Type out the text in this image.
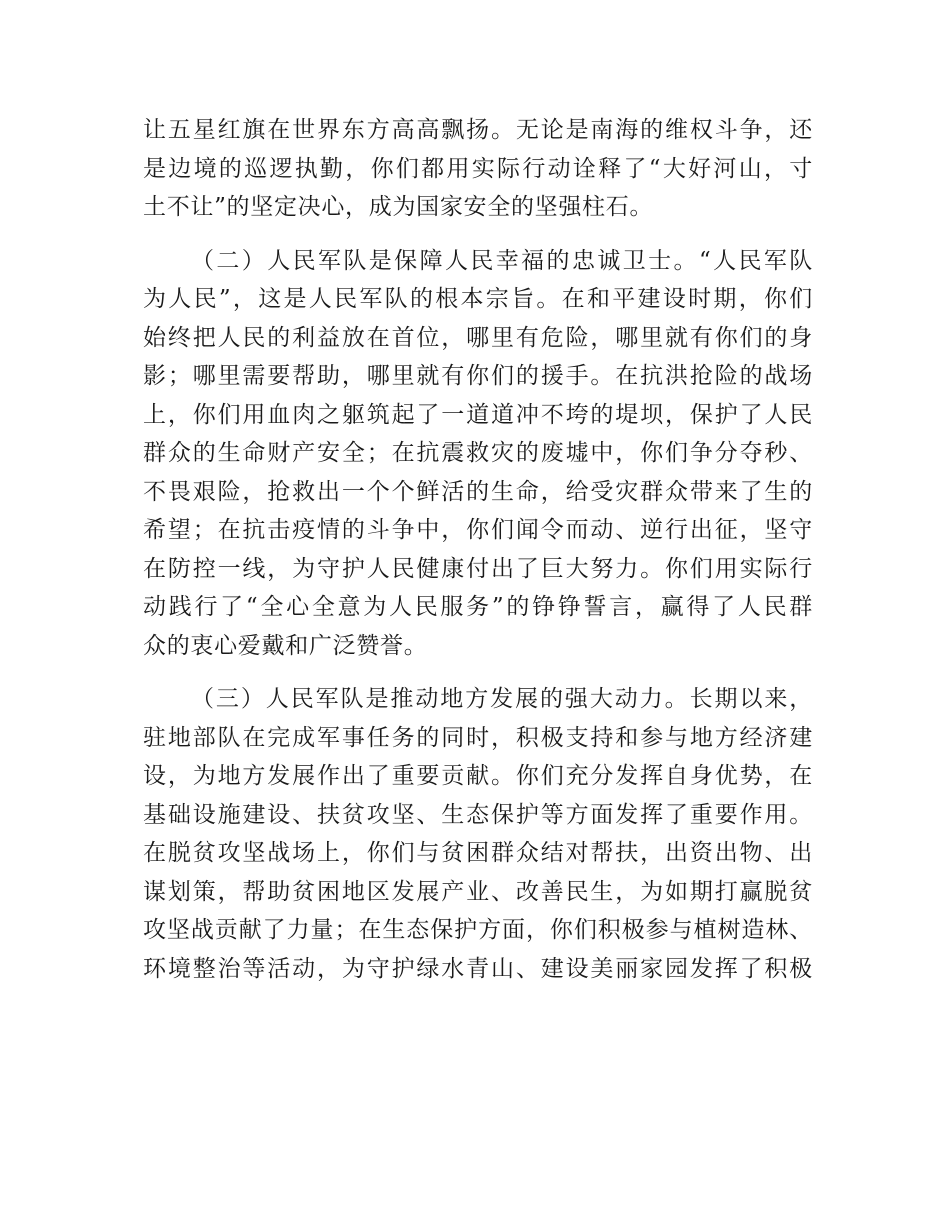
让五星红旗在世界东方高高飘扬。无论是南海的维权斗争，还
是边境的巡逻执勤，你们都用实际行动诠释了“大好河山，寸
土不让”的坚定决心，成为国家安全的坚强柱石。
（二）人民军队是保障人民幸福的忠诚卫士。“人民军队
为人民”，这是人民军队的根本宗旨。在和平建设时期，你们
始终把人民的利益放在首位，哪里有危险，哪里就有你们的身
影；哪里需要帮助，哪里就有你们的援手。在抗洪抢险的战场
上，你们用血肉之躯筑起了一道道冲不垮的堤坝，保护了人民
群众的生命财产安全；在抗震救灾的废墟中，你们争分夺秒、
不畏艰险，抢救出一个个鲜活的生命，给受灾群众带来了生的
希望；在抗击疫情的斗争中，你们闻令而动、逆行出征，坚守
在防控一线，为守护人民健康付出了巨大努力。你们用实际行
动践行了“全心全意为人民服务”的铮铮誓言，赢得了人民群
众的衷心爱戴和广泛赞誉。
（三）人民军队是推动地方发展的强大动力。长期以来，
驻地部队在完成军事任务的同时，积极支持和参与地方经济建
设，为地方发展作出了重要贡献。你们充分发挥自身优势，在
基础设施建设、扶贫攻坚、生态保护等方面发挥了重要作用。
在脱贫攻坚战场上，你们与贫困群众结对帮扶，出资出物、出
谋划策，帮助贫困地区发展产业、改善民生，为如期打赢脱贫
攻坚战贡献了力量；在生态保护方面，你们积极参与植树造林、
环境整治等活动，为守护绿水青山、建设美丽家园发挥了积极
